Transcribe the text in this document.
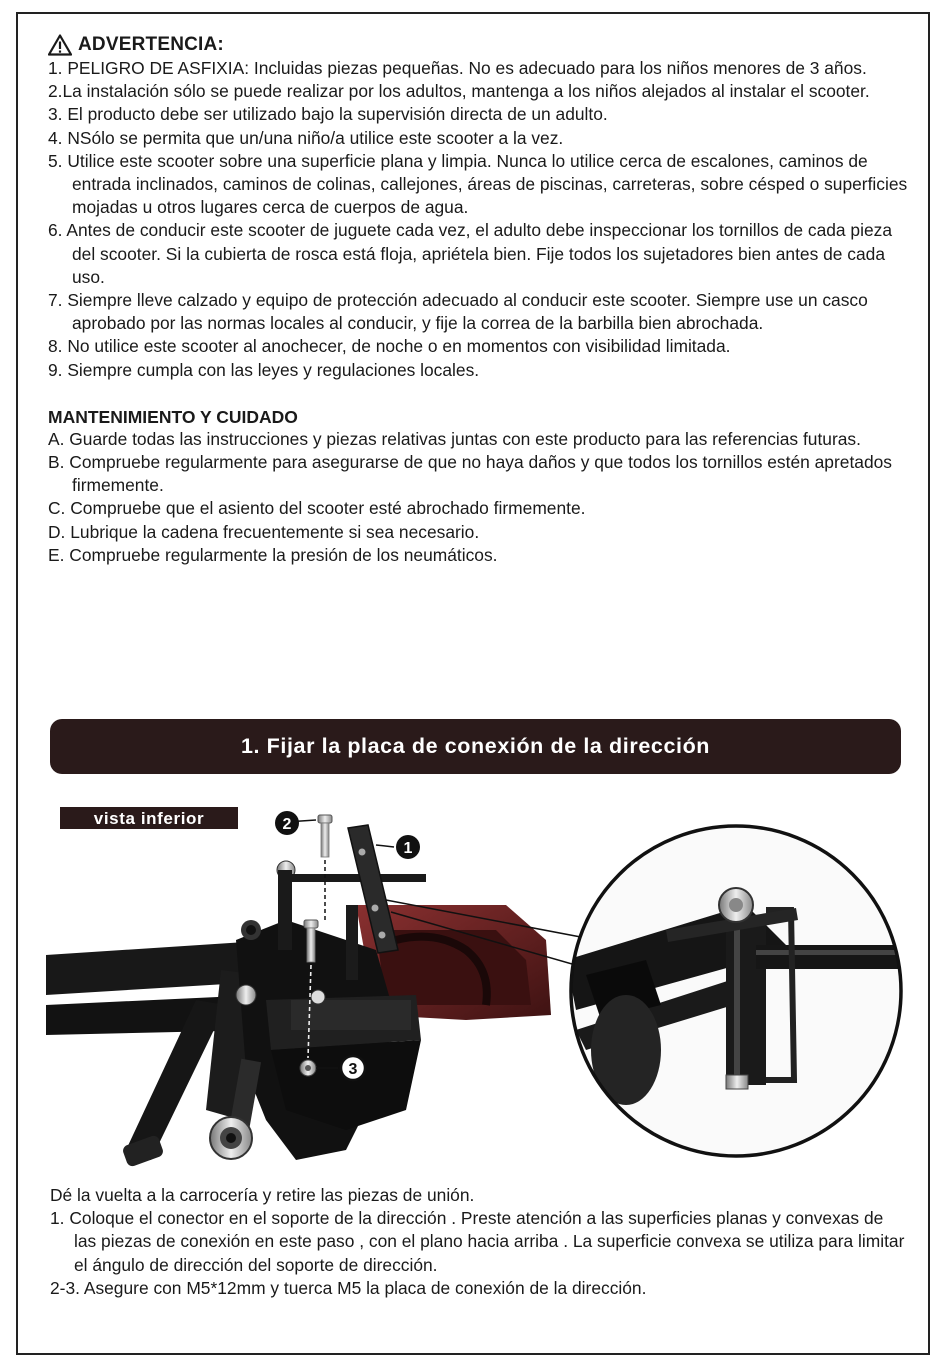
ADVERTENCIA:
1. PELIGRO DE ASFIXIA: Incluidas piezas pequeñas. No es adecuado para los niños menores de 3 años.
2.La instalación sólo se puede realizar por los adultos, mantenga a los niños alejados al instalar el scooter.
3. El producto debe ser utilizado bajo la supervisión directa de un adulto.
4. NSólo se permita que un/una niño/a utilice este scooter a la vez.
5. Utilice este scooter sobre una superficie plana y limpia. Nunca lo utilice cerca de escalones, caminos de entrada inclinados, caminos de colinas, callejones, áreas de piscinas, carreteras, sobre césped o superficies mojadas u otros lugares cerca de cuerpos de agua.
6. Antes de conducir este scooter de juguete cada vez, el adulto debe inspeccionar los tornillos de cada pieza del scooter. Si la cubierta de rosca está floja, apriételа bien. Fije todos los sujetadores bien antes de cada uso.
7. Siempre lleve calzado y equipo de protección adecuado al conducir este scooter. Siempre use un casco aprobado por las normas locales al conducir, y fije la correa de la barbilla bien abrochada.
8. No utilice este scooter al anochecer, de noche o en momentos con visibilidad limitada.
9. Siempre cumpla con las leyes y regulaciones locales.
MANTENIMIENTO Y CUIDADO
A. Guarde todas las instrucciones y piezas relativas juntas con este producto para las referencias futuras.
B. Compruebe regularmente para asegurarse de que no haya daños y que todos los tornillos estén apretados firmemente.
C. Compruebe que el asiento del scooter esté abrochado firmemente.
D. Lubrique la cadena frecuentemente si sea necesario.
E. Compruebe regularmente la presión de los neumáticos.
1. Fijar la placa de conexión de la dirección
vista inferior	2
1
3
Dé la vuelta a la carrocería y retire las piezas de unión.
1. Coloque el conector en el soporte de la dirección . Preste atención a las superficies planas y convexas de las piezas de conexión en este paso , con el plano hacia arriba . La superficie convexa se utiliza para limitar el ángulo de dirección del soporte de dirección.
2-3. Asegure con M5*12mm y tuerca M5 la placa de conexión de la dirección.
